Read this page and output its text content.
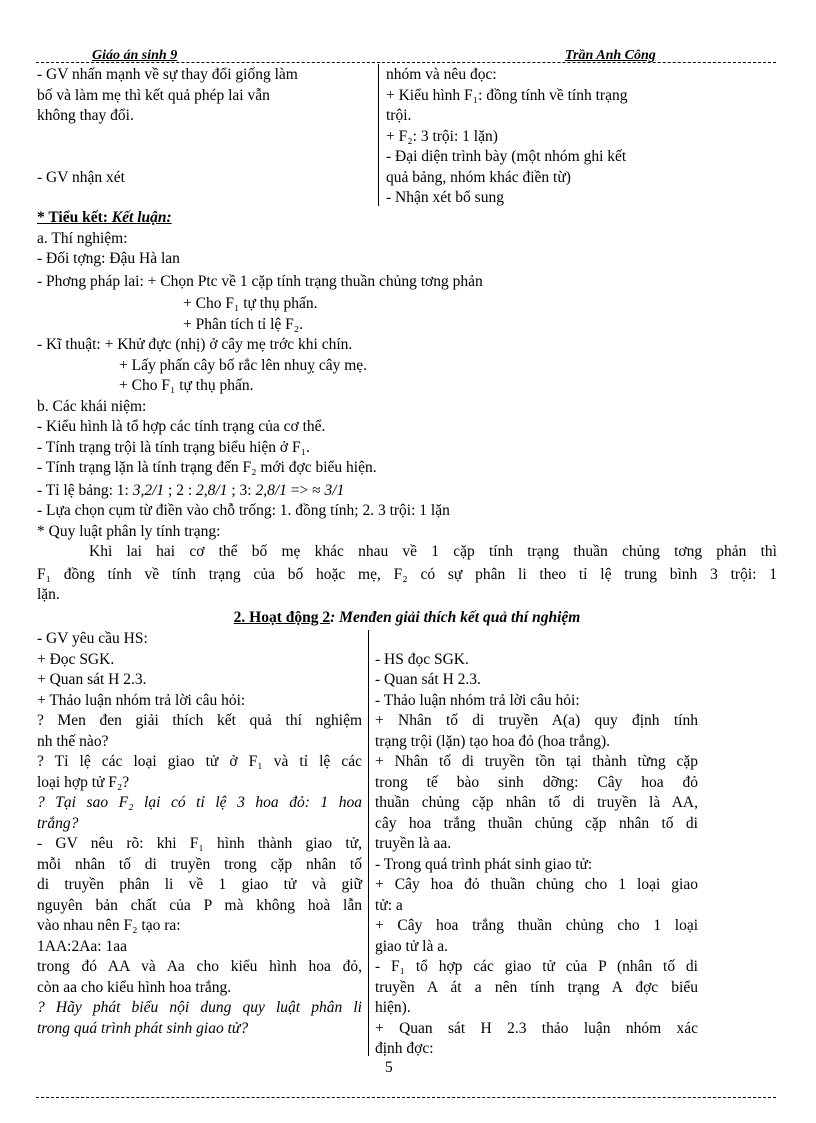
Giáo án sinh 9	Trần Anh Công
- GV nhấn mạnh về sự thay đổi giống làm
bố và làm mẹ thì kết quả phép lai vẫn
không thay đổi.
- GV nhận xét
nhóm và nêu đọc:
+ Kiểu hình F₁: đồng tính về tính trạng
trội.
+ F₂: 3 trội: 1 lặn)
- Đại diện trình bày (một nhóm ghi kết
quả bảng, nhóm khác điền từ)
- Nhận xét bổ sung
* Tiểu kết: Kết luận:
a. Thí nghiệm:
- Đối tợng: Đậu Hà lan
- Phơng pháp lai: + Chọn Ptc về 1 cặp tính trạng thuần chủng tơng phản
+ Cho F₁ tự thụ phấn.
+ Phân tích tỉ lệ F₂.
- Kĩ thuật: + Khử đực (nhị) ở cây mẹ trớc khi chín.
+ Lấy phấn cây bố rắc lên nhuỵ cây mẹ.
+ Cho F₁ tự thụ phấn.
b. Các khái niệm:
- Kiểu hình là tổ hợp các tính trạng của cơ thể.
- Tính trạng trội là tính trạng biểu hiện ở F₁.
- Tính trạng lặn là tính trạng đến F₂ mới đợc biểu hiện.
- Tỉ lệ bảng: 1: 3,2/1 ; 2 : 2,8/1 ; 3: 2,8/1 => ≈ 3/1
- Lựa chọn cụm từ điền vào chỗ trống: 1. đồng tính; 2. 3 trội: 1 lặn
* Quy luật phân ly tính trạng:
Khi lai hai cơ thể bố mẹ khác nhau về 1 cặp tính trạng thuần chủng tơng phản thì
F₁ đồng tính về tính trạng của bố hoặc mẹ, F₂ có sự phân li theo tỉ lệ trung bình 3 trội: 1
lặn.
2. Hoạt động 2: Menđen giải thích kết quả thí nghiệm
- GV yêu cầu HS:
+ Đọc SGK.
+ Quan sát H 2.3.
+ Thảo luận nhóm trả lời câu hỏi:
? Men đen giải thích kết quả thí nghiệm
nh thế nào?
? Tỉ lệ các loại giao tử ở F₁ và tỉ lệ các
loại hợp tử F₂?
? Tại sao F₂ lại có tỉ lệ 3 hoa đỏ: 1 hoa
trắng?
- GV nêu rõ: khi F₁ hình thành giao tử,
mỗi nhân tố di truyền trong cặp nhân tố
di truyền phân li về 1 giao tử và giữ
nguyên bản chất của P mà không hoà lẫn
vào nhau nên F₂ tạo ra:
1AA:2Aa: 1aa
trong đó AA và Aa cho kiểu hình hoa đỏ,
còn aa cho kiểu hình hoa trắng.
? Hãy phát biểu nội dung quy luật phân li
trong quá trình phát sinh giao tử?
- HS đọc SGK.
- Quan sát H 2.3.
- Thảo luận nhóm trả lời câu hỏi:
+ Nhân tố di truyền A(a) quy định tính
trạng trội (lặn) tạo hoa đỏ (hoa trắng).
+ Nhân tố di truyền tồn tại thành từng cặp
trong tế bào sinh dỡng: Cây hoa đỏ
thuần chủng cặp nhân tố di truyền là AA,
cây hoa trắng thuần chủng cặp nhân tố di
truyền là aa.
- Trong quá trình phát sinh giao tử:
+ Cây hoa đỏ thuần chủng cho 1 loại giao
tử: a
+ Cây hoa trắng thuần chủng cho 1 loại
giao tử là a.
- F₁ tổ hợp các giao tử của P (nhân tố di
truyền A át a nên tính trạng A đợc biểu
hiện).
+ Quan sát H 2.3 thảo luận nhóm xác
định đợc:
5
